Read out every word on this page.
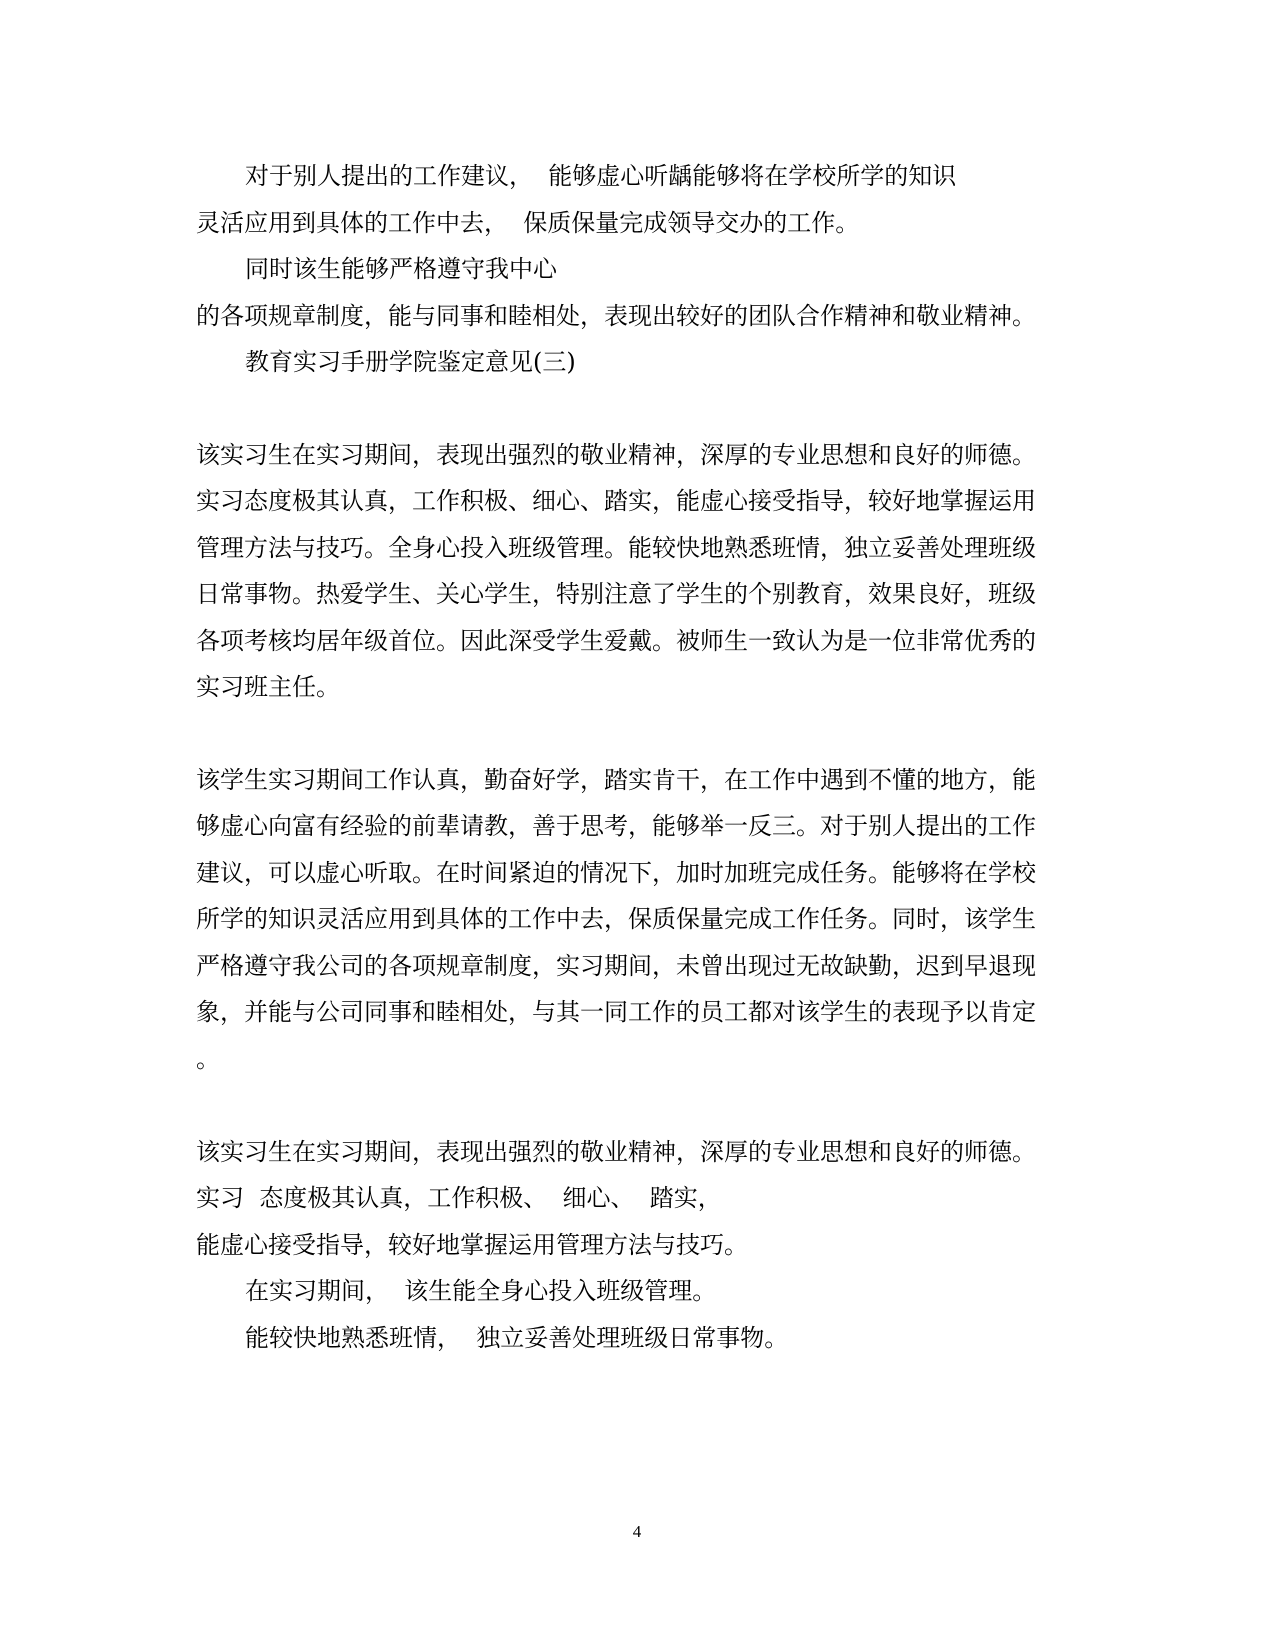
对于别人提出的工作建议，  能够虚心听龋能够将在学校所学的知识

灵活应用到具体的工作中去，  保质保量完成领导交办的工作。

同时该生能够严格遵守我中心

的各项规章制度，能与同事和睦相处，表现出较好的团队合作精神和敬业精神。

教育实习手册学院鉴定意见(三)

该实习生在实习期间，表现出强烈的敬业精神，深厚的专业思想和良好的师德。

实习态度极其认真，工作积极、细心、踏实，能虚心接受指导，较好地掌握运用

管理方法与技巧。全身心投入班级管理。能较快地熟悉班情，独立妥善处理班级

日常事物。热爱学生、关心学生，特别注意了学生的个别教育，效果良好，班级

各项考核均居年级首位。因此深受学生爱戴。被师生一致认为是一位非常优秀的

实习班主任。

该学生实习期间工作认真，勤奋好学，踏实肯干，在工作中遇到不懂的地方，能

够虚心向富有经验的前辈请教，善于思考，能够举一反三。对于别人提出的工作

建议，可以虚心听取。在时间紧迫的情况下，加时加班完成任务。能够将在学校

所学的知识灵活应用到具体的工作中去，保质保量完成工作任务。同时，该学生

严格遵守我公司的各项规章制度，实习期间，未曾出现过无故缺勤，迟到早退现

象，并能与公司同事和睦相处，与其一同工作的员工都对该学生的表现予以肯定

。

该实习生在实习期间，表现出强烈的敬业精神，深厚的专业思想和良好的师德。

实习  态度极其认真，工作积极、  细心、  踏实，

能虚心接受指导，较好地掌握运用管理方法与技巧。

在实习期间，  该生能全身心投入班级管理。

能较快地熟悉班情，  独立妥善处理班级日常事物。

4
